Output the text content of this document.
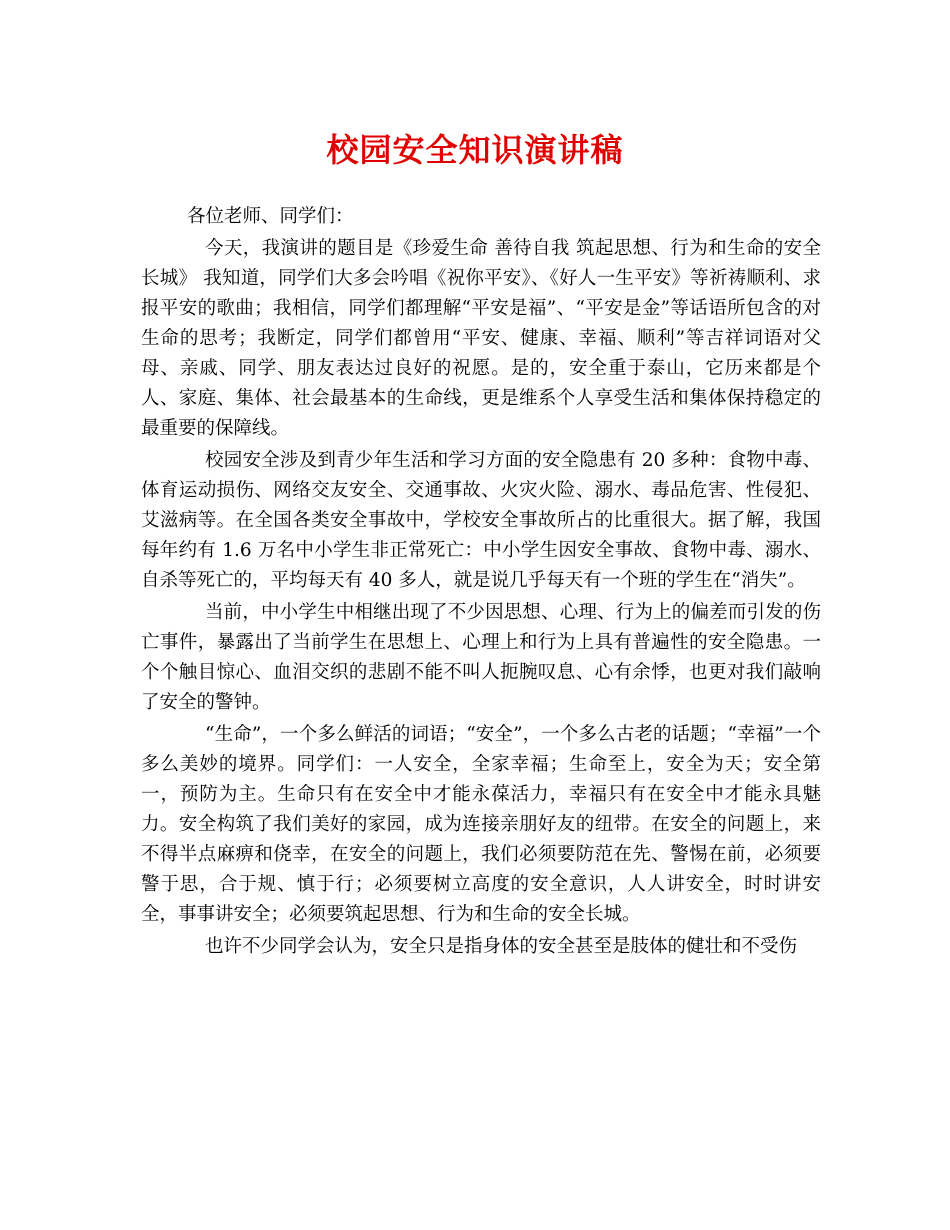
校园安全知识演讲稿

各位老师、同学们：

今天，我演讲的题目是《珍爱生命 善待自我 筑起思想、行为和生命的安全长城》 我知道，同学们大多会吟唱《祝你平安》、《好人一生平安》等祈祷顺利、求报平安的歌曲；我相信，同学们都理解“平安是福”、“平安是金”等话语所包含的对生命的思考；我断定，同学们都曾用“平安、健康、幸福、顺利”等吉祥词语对父母、亲戚、同学、朋友表达过良好的祝愿。是的，安全重于泰山，它历来都是个人、家庭、集体、社会最基本的生命线，更是维系个人享受生活和集体保持稳定的最重要的保障线。

校园安全涉及到青少年生活和学习方面的安全隐患有 20 多种：食物中毒、体育运动损伤、网络交友安全、交通事故、火灾火险、溺水、毒品危害、性侵犯、艾滋病等。在全国各类安全事故中，学校安全事故所占的比重很大。据了解，我国每年约有 1.6 万名中小学生非正常死亡：中小学生因安全事故、食物中毒、溺水、自杀等死亡的，平均每天有 40 多人，就是说几乎每天有一个班的学生在“消失”。

当前，中小学生中相继出现了不少因思想、心理、行为上的偏差而引发的伤亡事件，暴露出了当前学生在思想上、心理上和行为上具有普遍性的安全隐患。一个个触目惊心、血泪交织的悲剧不能不叫人扼腕叹息、心有余悸，也更对我们敲响了安全的警钟。

“生命”，一个多么鲜活的词语；“安全”，一个多么古老的话题；“幸福”一个多么美妙的境界。同学们：一人安全，全家幸福；生命至上，安全为天；安全第一，预防为主。生命只有在安全中才能永葆活力，幸福只有在安全中才能永具魅力。安全构筑了我们美好的家园，成为连接亲朋好友的纽带。在安全的问题上，来不得半点麻痹和侥幸，在安全的问题上，我们必须要防范在先、警惕在前，必须要警于思，合于规、慎于行；必须要树立高度的安全意识，人人讲安全，时时讲安全，事事讲安全；必须要筑起思想、行为和生命的安全长城。

也许不少同学会认为，安全只是指身体的安全甚至是肢体的健壮和不受伤
